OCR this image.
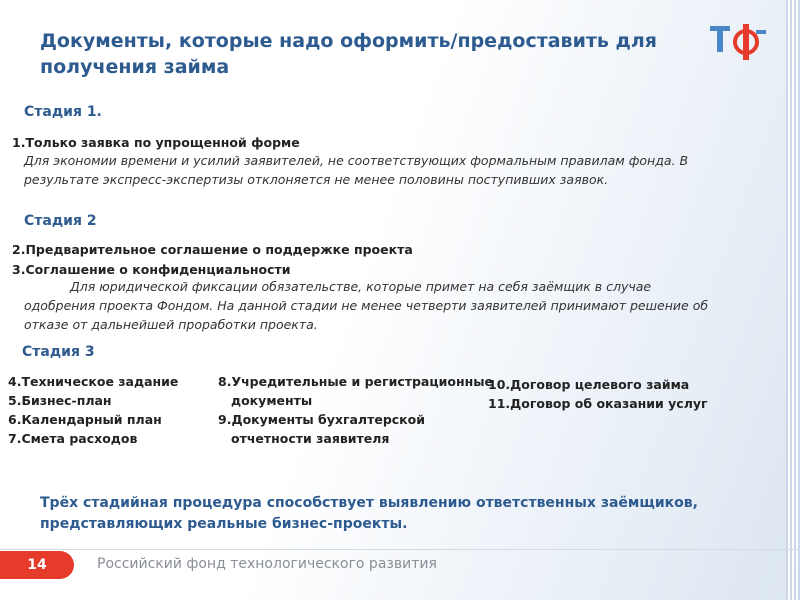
Документы, которые надо оформить/предоставить для получения займа
Стадия 1.
1.Только заявка по упрощенной форме

Для экономии времени и усилий заявителей, не соответствующих формальным правилам фонда. В результате экспресс-экспертизы отклоняется не менее половины поступивших заявок.

Стадия 2
2.Предварительное соглашение о поддержке проекта
3.Соглашение о конфиденциальности

Для юридической фиксации обязательстве, которые примет на себя заёмщик в случае одобрения проекта Фондом. На данной стадии не менее четверти заявителей принимают решение об отказе от дальнейшей проработки проекта.

Стадия 3
4.Техническое задание
5.Бизнес-план
6.Календарный план
7.Смета расходов
8.Учредительные и регистрационные
документы
9.Документы бухгалтерской
отчетности заявителя
10.Договор целевого займа
11.Договор об оказании услуг
Трёх стадийная процедура способствует выявлению ответственных заёмщиков, представляющих реальные бизнес-проекты.
14	Российский фонд технологического развития
